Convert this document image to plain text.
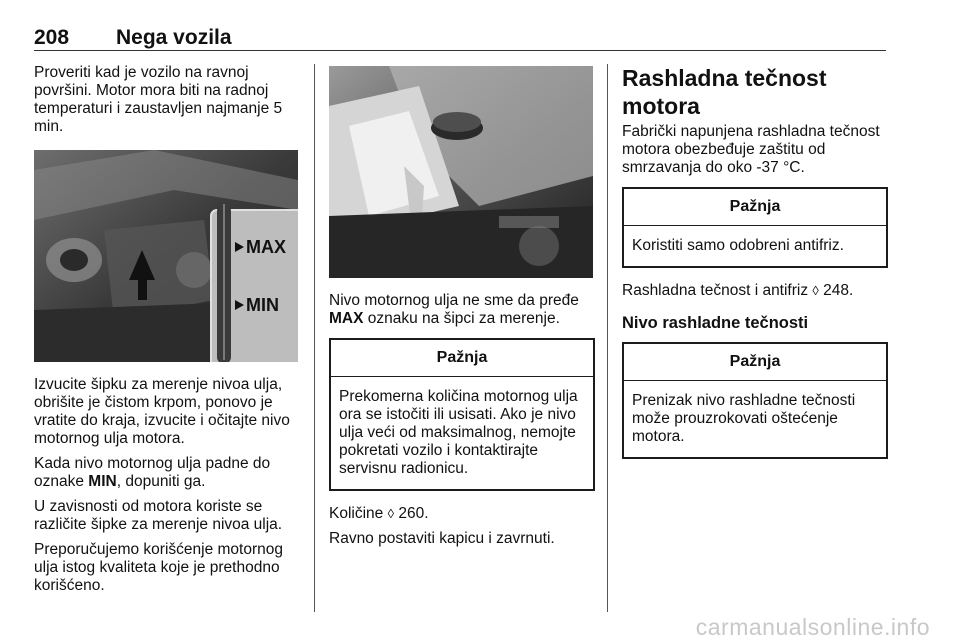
208 Nega vozila

Proveriti kad je vozilo na ravnoj površini. Motor mora biti na radnoj temperaturi i zaustavljen najmanje 5 min.

MAX
MIN

Izvucite šipku za merenje nivoa ulja, obrišite je čistom krpom, ponovo je vratite do kraja, izvucite i očitajte nivo motornog ulja motora.

Kada nivo motornog ulja padne do oznake MIN, dopuniti ga.

U zavisnosti od motora koriste se različite šipke za merenje nivoa ulja.

Preporučujemo korišćenje motornog ulja istog kvaliteta koje je prethodno korišćeno.

Nivo motornog ulja ne sme da pređe MAX oznaku na šipci za merenje.

Pažnja
Prekomerna količina motornog ulja ora se istočiti ili usisati. Ako je nivo ulja veći od maksimalnog, nemojte pokretati vozilo i kontaktirajte servisnu radionicu.

Količine ◊ 260.

Ravno postaviti kapicu i zavrnuti.

Rashladna tečnost motora

Fabrički napunjena rashladna tečnost motora obezbeđuje zaštitu od smrzavanja do oko -37 °C.

Pažnja
Koristiti samo odobreni antifriz.

Rashladna tečnost i antifriz ◊ 248.

Nivo rashladne tečnosti
Pažnja
Prenizak nivo rashladne tečnosti može prouzrokovati oštećenje motora.
carmanualsonline.info
